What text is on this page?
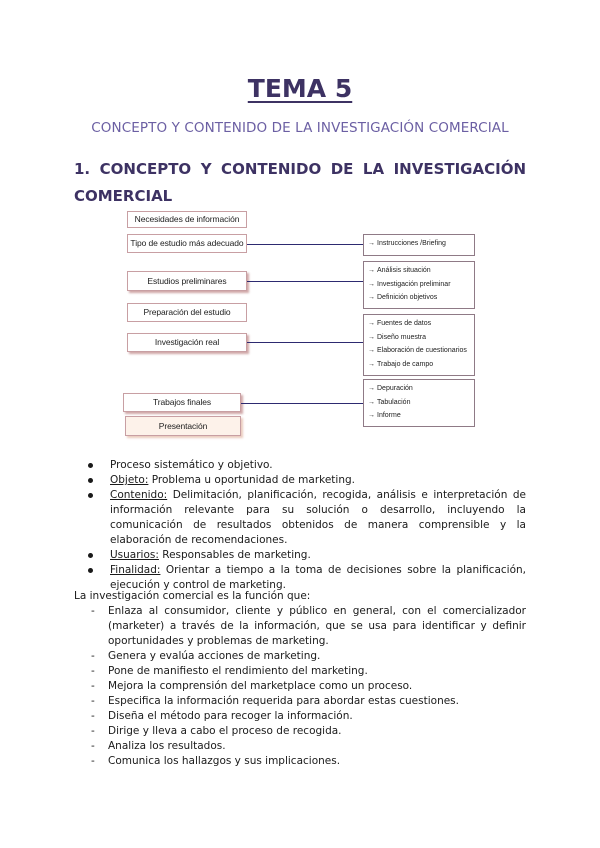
TEMA 5

CONCEPTO Y CONTENIDO DE LA INVESTIGACIÓN COMERCIAL

1. CONCEPTO Y CONTENIDO DE LA INVESTIGACIÓN
COMERCIAL
Necesidades de información
Tipo de estudio más adecuado
Estudios preliminares
Preparación del estudio
Investigación real
Trabajos finales
Presentación
→ Instrucciones /Briefing
→ Análisis situación
→ Investigación preliminar
→ Definición objetivos
→ Fuentes de datos
→ Diseño muestra
→ Elaboración de cuestionarios
→ Trabajo de campo
→ Depuración
→ Tabulación
→ Informe
Proceso sistemático y objetivo.
Objeto: Problema u oportunidad de marketing.
Contenido: Delimitación, planificación, recogida, análisis e interpretación de información relevante para su solución o desarrollo, incluyendo la comunicación de resultados obtenidos de manera comprensible y la elaboración de recomendaciones.
Usuarios: Responsables de marketing.
Finalidad: Orientar a tiempo a la toma de decisiones sobre la planificación, ejecución y control de marketing.

La investigación comercial es la función que:

- Enlaza al consumidor, cliente y público en general, con el comercializador (marketer) a través de la información, que se usa para identificar y definir oportunidades y problemas de marketing.
- Genera y evalúa acciones de marketing.
- Pone de manifiesto el rendimiento del marketing.
- Mejora la comprensión del marketplace como un proceso.
- Especifica la información requerida para abordar estas cuestiones.
- Diseña el método para recoger la información.
- Dirige y lleva a cabo el proceso de recogida.
- Analiza los resultados.
- Comunica los hallazgos y sus implicaciones.
